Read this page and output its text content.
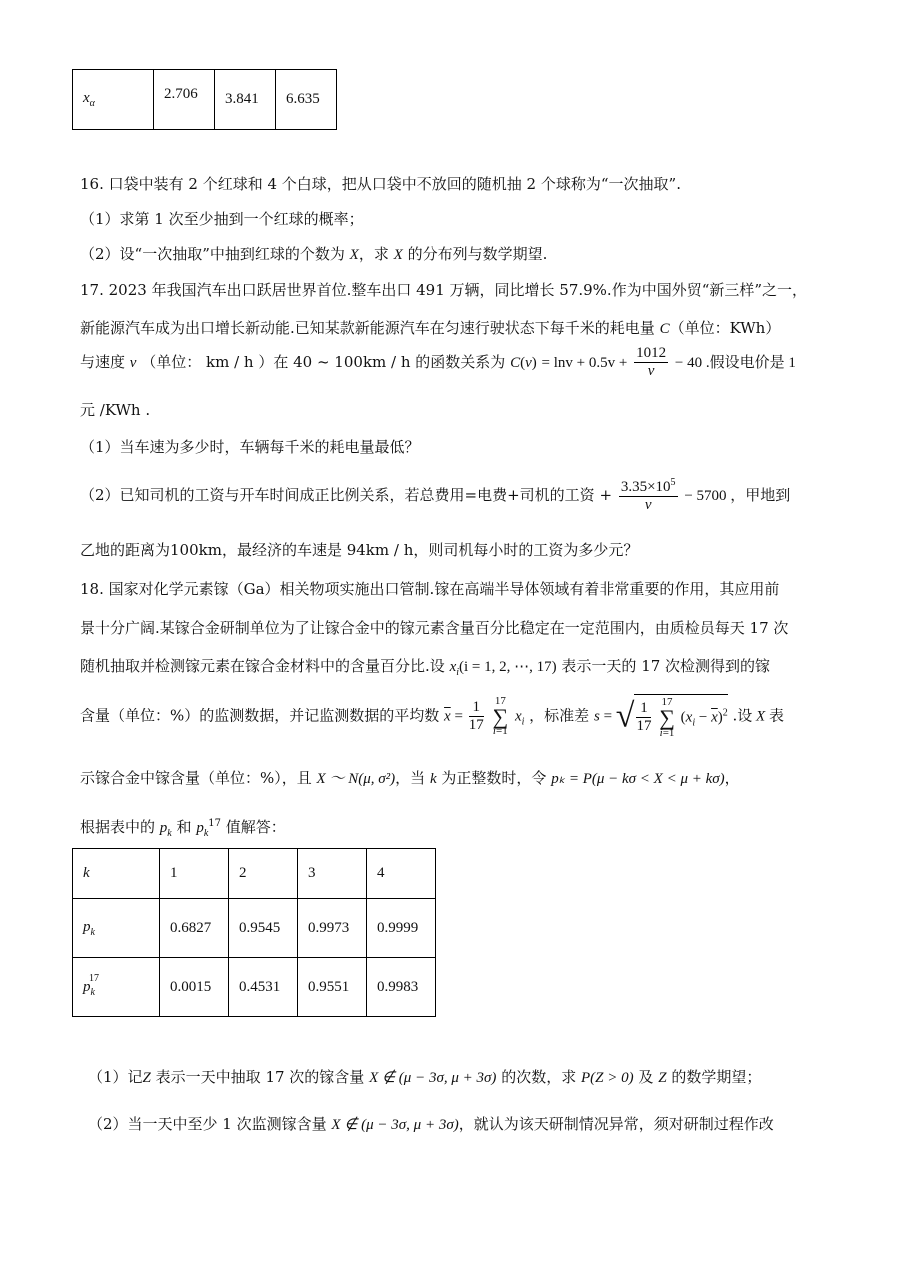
$x_\alpha$	2.706	3.841	6.635
16. 口袋中装有 2 个红球和 4 个白球，把从口袋中不放回的随机抽 2 个球称为“一次抽取”.
（1）求第 1 次至少抽到一个红球的概率；
（2）设“一次抽取”中抽到红球的个数为 X，求 X 的分布列与数学期望.
17. 2023 年我国汽车出口跃居世界首位.整车出口 491 万辆，同比增长 57.9%.作为中国外贸“新三样”之一，
新能源汽车成为出口增长新动能.已知某款新能源汽车在匀速行驶状态下每千米的耗电量 C（单位：KWh）
与速度 v （单位： km / h ）在 40 ~ 100km / h 的函数关系为 $C(v) = \ln v + 0.5v + \frac{1012}{v} - 40$ .假设电价是 1
元 /KWh .
（1）当车速为多少时，车辆每千米的耗电量最低？
（2）已知司机的工资与开车时间成正比例关系，若总费用=电费+司机的工资 + $\frac{3.35\times 10^5}{v} - 5700$ ，甲地到
乙地的距离为100km，最经济的车速是 94km / h，则司机每小时的工资为多少元？
18. 国家对化学元素镓（Ga）相关物项实施出口管制.镓在高端半导体领域有着非常重要的作用，其应用前
景十分广阔.某镓合金研制单位为了让镓合金中的镓元素含量百分比稳定在一定范围内，由质检员每天 17 次
随机抽取并检测镓元素在镓合金材料中的含量百分比.设 $x_i(i = 1$, 2, ⋯, 17) 表示一天的 17 次检测得到的镓
含量（单位：%）的监测数据，并记监测数据的平均数 $\overline{x} = \frac{1}{17} 17$
∑
i=1 $x_i$ ，标准差 s = √ $\frac{1}{17} 17$
∑
i=1 $(x_i - \overline{x})^2$ .设 X 表
示镓合金中镓含量（单位：%），且 X ～ N(μ, σ²)，当 k 为正整数时，令 pₖ = P(μ − kσ < X < μ + kσ)，
根据表中的 $p_k$ 和 $p_k^{17}$ 值解答：
k	1	2	3	4
$p_k$	0.6827	0.9545	0.9973	0.9999
$p_k^{17}$	0.0015	0.4531	0.9551	0.9983
（1）记Z 表示一天中抽取 17 次的镓含量 X ∉ (μ − 3σ, μ + 3σ) 的次数，求 P(Z > 0) 及 Z 的数学期望；
（2）当一天中至少 1 次监测镓含量 X ∉ (μ − 3σ, μ + 3σ)，就认为该天研制情况异常，须对研制过程作改
